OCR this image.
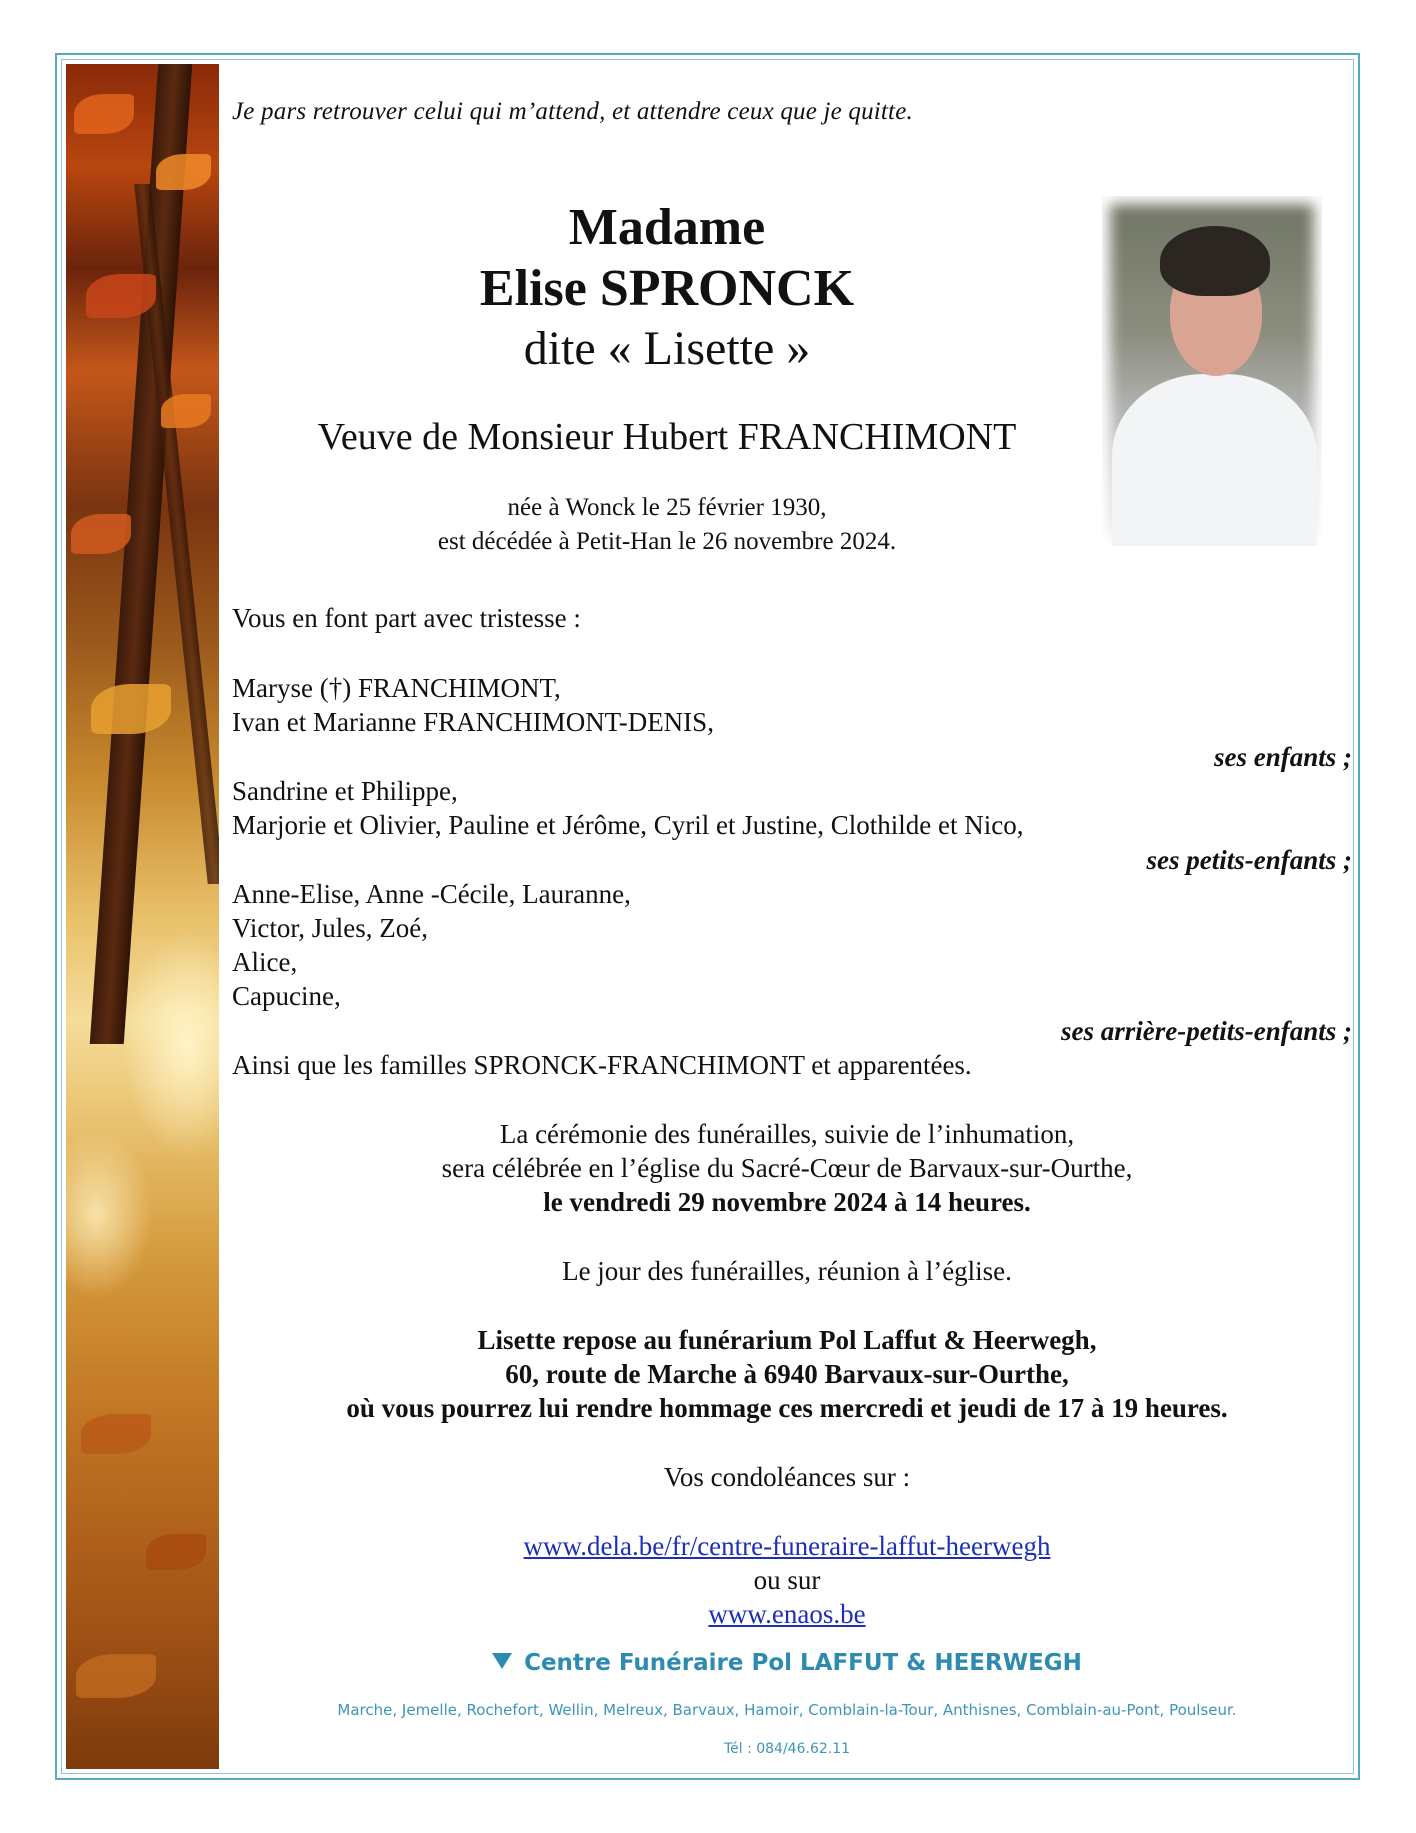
Je pars retrouver celui qui m’attend, et attendre ceux que je quitte.
Madame
Elise SPRONCK
dite « Lisette »
Veuve de Monsieur Hubert FRANCHIMONT
née à Wonck le 25 février 1930,
est décédée à Petit-Han le 26 novembre 2024.
Vous en font part avec tristesse :
Maryse (†) FRANCHIMONT,
Ivan et Marianne FRANCHIMONT-DENIS,
ses enfants ;
Sandrine et Philippe,
Marjorie et Olivier, Pauline et Jérôme, Cyril et Justine, Clothilde et Nico,
ses petits-enfants ;
Anne-Elise, Anne -Cécile, Lauranne,
Victor, Jules, Zoé,
Alice,
Capucine,
ses arrière-petits-enfants ;
Ainsi que les familles SPRONCK-FRANCHIMONT et apparentées.
La cérémonie des funérailles, suivie de l’inhumation,
sera célébrée en l’église du Sacré-Cœur de Barvaux-sur-Ourthe,
le vendredi 29 novembre 2024 à 14 heures.
Le jour des funérailles, réunion à l’église.
Lisette repose au funérarium Pol Laffut & Heerwegh,
60, route de Marche à 6940 Barvaux-sur-Ourthe,
où vous pourrez lui rendre hommage ces mercredi et jeudi de 17 à 19 heures.
Vos condoléances sur :
www.dela.be/fr/centre-funeraire-laffut-heerwegh
ou sur
www.enaos.be
Centre Funéraire Pol LAFFUT & HEERWEGH
Marche, Jemelle, Rochefort, Wellin, Melreux, Barvaux, Hamoir, Comblain-la-Tour, Anthisnes, Comblain-au-Pont, Poulseur.
Tél : 084/46.62.11
